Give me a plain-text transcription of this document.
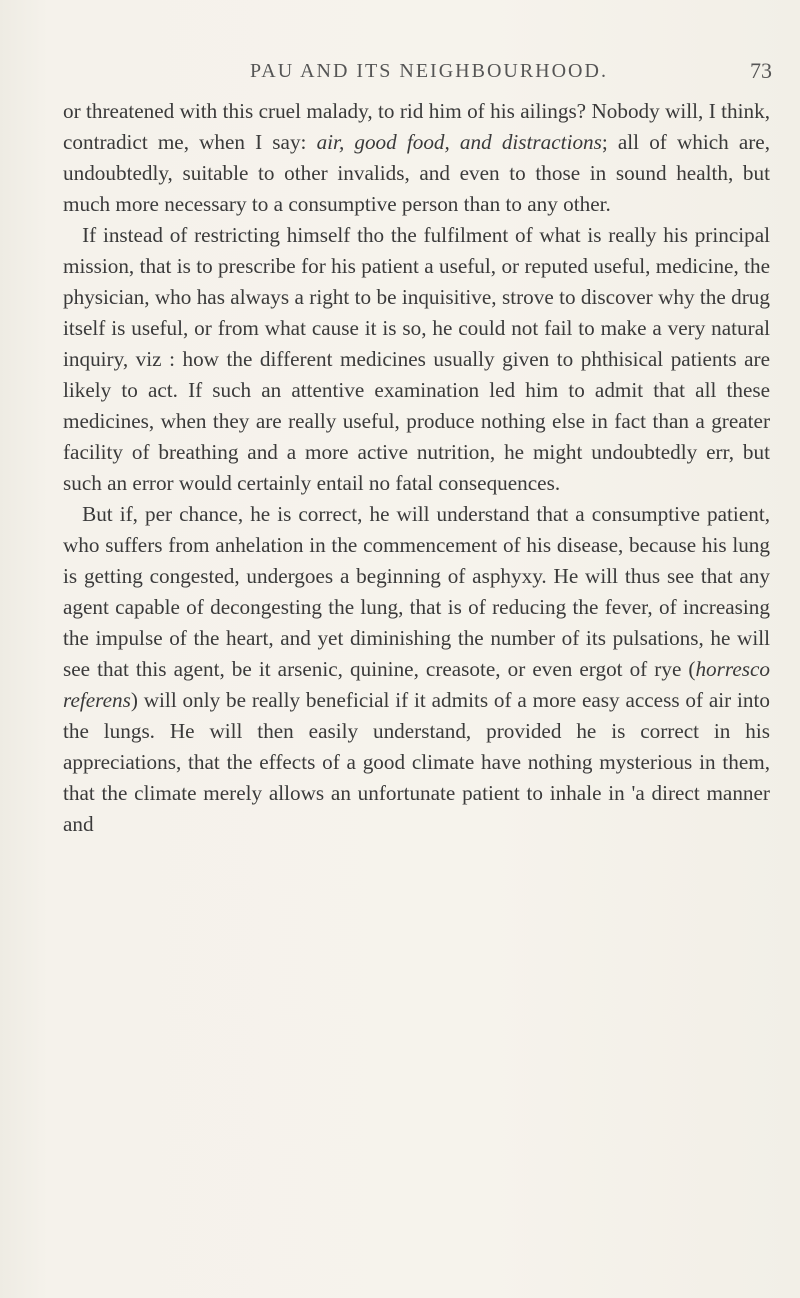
PAU AND ITS NEIGHBOURHOOD.	73

or threatened with this cruel malady, to rid him of his ailings? Nobody will, I think, contradict me, when I say: air, good food, and distractions; all of which are, undoubtedly, suitable to other invalids, and even to those in sound health, but much more necessary to a consumptive person than to any other.

If instead of restricting himself tho the fulfilment of what is really his principal mission, that is to prescribe for his patient a useful, or reputed useful, medicine, the physician, who has always a right to be inquisitive, strove to discover why the drug itself is useful, or from what cause it is so, he could not fail to make a very natural inquiry, viz : how the different medicines usually given to phthisical patients are likely to act. If such an attentive examination led him to admit that all these medicines, when they are really useful, produce nothing else in fact than a greater facility of breathing and a more active nutrition, he might undoubtedly err, but such an error would certainly entail no fatal consequences.

But if, per chance, he is correct, he will understand that a consumptive patient, who suffers from anhelation in the commencement of his disease, because his lung is getting congested, undergoes a beginning of asphyxy. He will thus see that any agent capable of decongesting the lung, that is of reducing the fever, of increasing the impulse of the heart, and yet diminishing the number of its pulsations, he will see that this agent, be it arsenic, quinine, creasote, or even ergot of rye (horresco referens) will only be really beneficial if it admits of a more easy access of air into the lungs. He will then easily understand, provided he is correct in his appreciations, that the effects of a good climate have nothing mysterious in them, that the climate merely allows an unfortunate patient to inhale in 'a direct manner and
